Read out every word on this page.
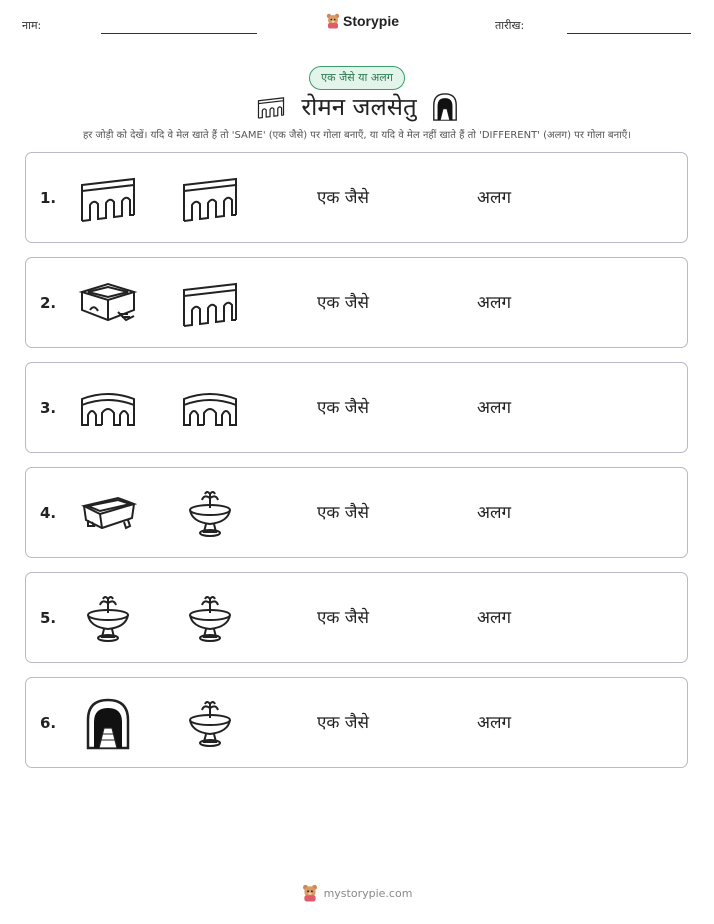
नाम:	Storypie	तारीख:
एक जैसे या अलग
रोमन जलसेतु
हर जोड़ी को देखें। यदि वे मेल खाते हैं तो 'SAME' (एक जैसे) पर गोला बनाएँ, या यदि वे मेल नहीं खाते हैं तो 'DIFFERENT' (अलग) पर गोला बनाएँ।
1.	एक जैसे	अलग
2.	एक जैसे	अलग
3.	एक जैसे	अलग
4.	एक जैसे	अलग
5.	एक जैसे	अलग
6.	एक जैसे	अलग
mystorypie.com
